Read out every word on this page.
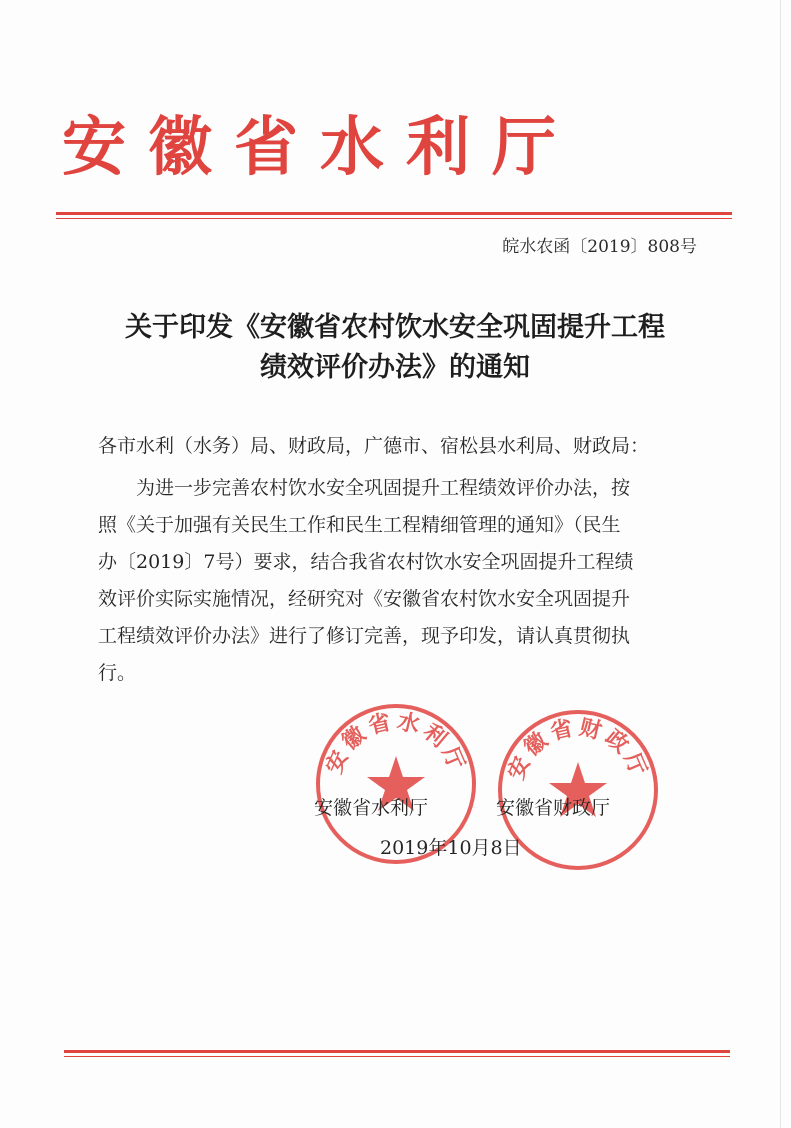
安徽省水利厅
皖水农函〔2019〕808号
关于印发《安徽省农村饮水安全巩固提升工程
绩效评价办法》的通知
各市水利（水务）局、财政局，广德市、宿松县水利局、财政局：
　　为进一步完善农村饮水安全巩固提升工程绩效评价办法，按
照《关于加强有关民生工作和民生工程精细管理的通知》（民生
办〔2019〕7号）要求，结合我省农村饮水安全巩固提升工程绩
效评价实际实施情况，经研究对《安徽省农村饮水安全巩固提升
工程绩效评价办法》进行了修订完善，现予印发，请认真贯彻执
行。
安徽省水利厅 安徽省财政厅
安徽省水利厅	安徽省财政厅
2019年10月8日
